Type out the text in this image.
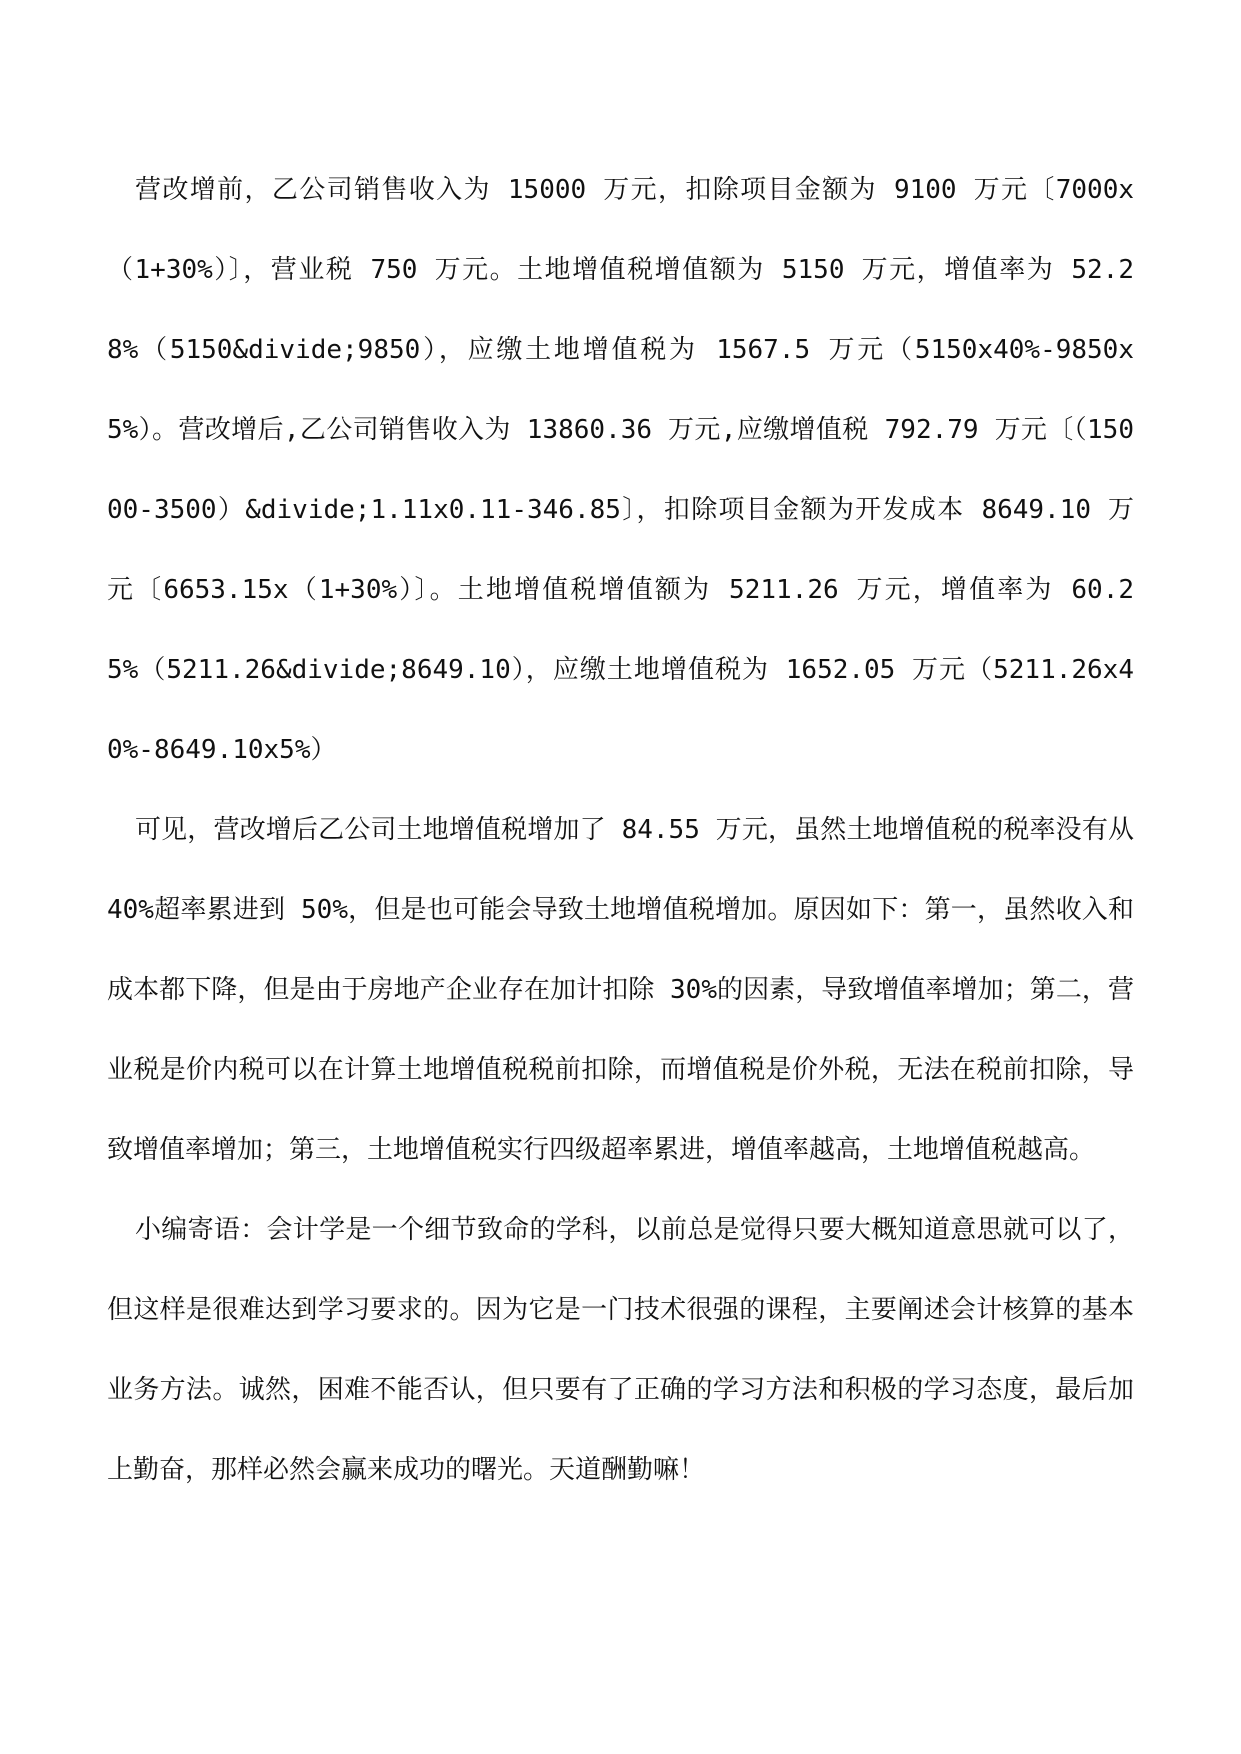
营改增前，乙公司销售收入为 15000 万元，扣除项目金额为 9100 万元〔7000x（1+30%）〕，营业税 750 万元。土地增值税增值额为 5150 万元，增值率为 52.28%（5150&divide;9850），应缴土地增值税为 1567.5 万元（5150x40%-9850x5%）。营改增后,乙公司销售收入为 13860.36 万元,应缴增值税 792.79 万元〔（15000-3500）&divide;1.11x0.11-346.85〕，扣除项目金额为开发成本 8649.10 万元〔6653.15x（1+30%）〕。土地增值税增值额为 5211.26 万元，增值率为 60.25%（5211.26&divide;8649.10），应缴土地增值税为 1652.05 万元（5211.26x40%-8649.10x5%）

可见，营改增后乙公司土地增值税增加了 84.55 万元，虽然土地增值税的税率没有从 40%超率累进到 50%，但是也可能会导致土地增值税增加。原因如下：第一，虽然收入和成本都下降，但是由于房地产企业存在加计扣除 30%的因素，导致增值率增加；第二，营业税是价内税可以在计算土地增值税税前扣除，而增值税是价外税，无法在税前扣除，导致增值率增加；第三，土地增值税实行四级超率累进，增值率越高，土地增值税越高。

小编寄语：会计学是一个细节致命的学科，以前总是觉得只要大概知道意思就可以了，但这样是很难达到学习要求的。因为它是一门技术很强的课程，主要阐述会计核算的基本业务方法。诚然，困难不能否认，但只要有了正确的学习方法和积极的学习态度，最后加上勤奋，那样必然会赢来成功的曙光。天道酬勤嘛！
